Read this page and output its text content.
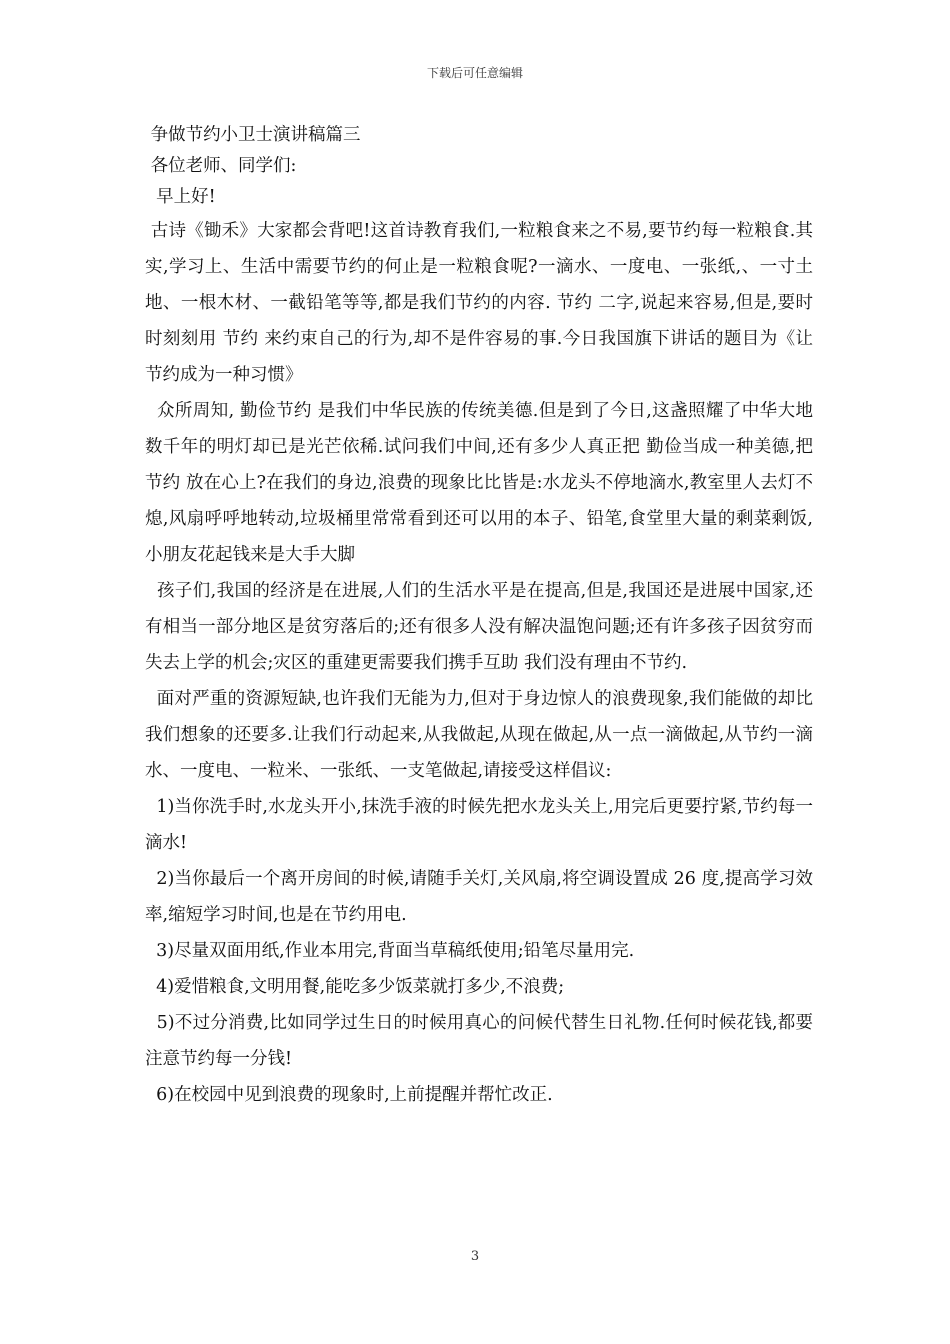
下载后可任意编辑

争做节约小卫士演讲稿篇三

各位老师、同学们:

早上好!

古诗《锄禾》大家都会背吧!这首诗教育我们,一粒粮食来之不易,要节约每一粒粮食.其实,学习上、生活中需要节约的何止是一粒粮食呢?一滴水、一度电、一张纸,、一寸土地、一根木材、一截铅笔等等,都是我们节约的内容. 节约 二字,说起来容易,但是,要时时刻刻用 节约 来约束自己的行为,却不是件容易的事.今日我国旗下讲话的题目为《让节约成为一种习惯》

众所周知, 勤俭节约 是我们中华民族的传统美德.但是到了今日,这盏照耀了中华大地数千年的明灯却已是光芒依稀.试问我们中间,还有多少人真正把 勤俭当成一种美德,把 节约 放在心上?在我们的身边,浪费的现象比比皆是:水龙头不停地滴水,教室里人去灯不熄,风扇呼呼地转动,垃圾桶里常常看到还可以用的本子、铅笔,食堂里大量的剩菜剩饭,小朋友花起钱来是大手大脚

孩子们,我国的经济是在进展,人们的生活水平是在提高,但是,我国还是进展中国家,还有相当一部分地区是贫穷落后的;还有很多人没有解决温饱问题;还有许多孩子因贫穷而失去上学的机会;灾区的重建更需要我们携手互助 我们没有理由不节约.

面对严重的资源短缺,也许我们无能为力,但对于身边惊人的浪费现象,我们能做的却比我们想象的还要多.让我们行动起来,从我做起,从现在做起,从一点一滴做起,从节约一滴水、一度电、一粒米、一张纸、一支笔做起,请接受这样倡议:

1)当你洗手时,水龙头开小,抹洗手液的时候先把水龙头关上,用完后更要拧紧,节约每一滴水!

2)当你最后一个离开房间的时候,请随手关灯,关风扇,将空调设置成 26 度,提高学习效率,缩短学习时间,也是在节约用电.

3)尽量双面用纸,作业本用完,背面当草稿纸使用;铅笔尽量用完.

4)爱惜粮食,文明用餐,能吃多少饭菜就打多少,不浪费;

5)不过分消费,比如同学过生日的时候用真心的问候代替生日礼物.任何时候花钱,都要注意节约每一分钱!

6)在校园中见到浪费的现象时,上前提醒并帮忙改正.

3
